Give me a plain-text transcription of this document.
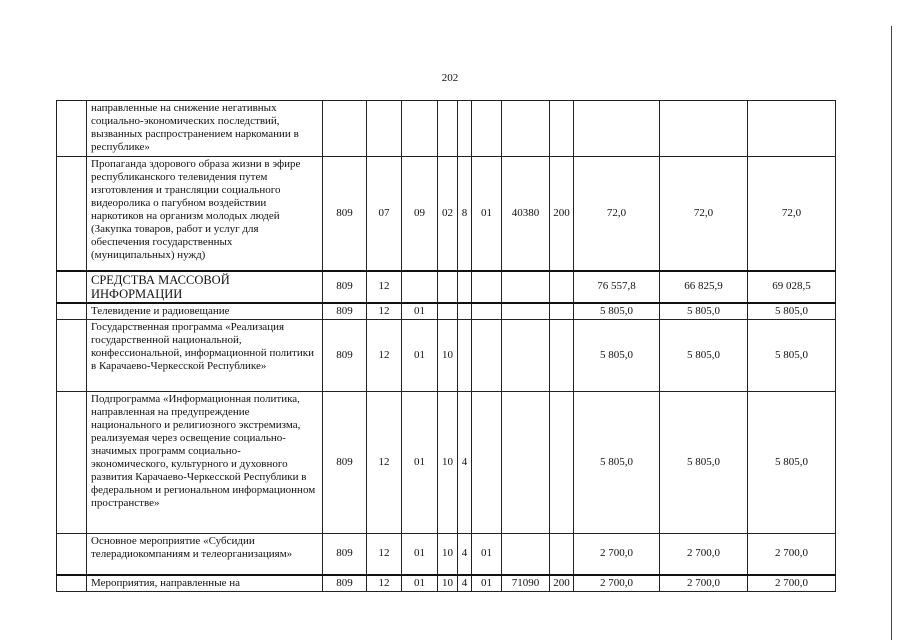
202
	направленные на снижение негативных социально-экономических последствий, вызванных распространением наркомании в республике»											
	Пропаганда здорового образа жизни в эфире республиканского телевидения путем изготовления и трансляции социального видеоролика о пагубном воздействии наркотиков на организм молодых людей (Закупка товаров, работ и услуг для обеспечения государственных (муниципальных) нужд)	809	07	09	02	8	01	40380	200	72,0	72,0	72,0
	СРЕДСТВА МАССОВОЙ ИНФОРМАЦИИ	809	12							76 557,8	66 825,9	69 028,5
	Телевидение и радиовещание	809	12	01						5 805,0	5 805,0	5 805,0
	Государственная программа «Реализация государственной национальной, конфессиональной, информационной политики в Карачаево-Черкесской Республике»	809	12	01	10					5 805,0	5 805,0	5 805,0
	Подпрограмма «Информационная политика, направленная на предупреждение национального и религиозного экстремизма, реализуемая через освещение социально-значимых программ социально-экономического, культурного и духовного развития Карачаево-Черкесской Республики в федеральном и региональном информационном пространстве»	809	12	01	10	4				5 805,0	5 805,0	5 805,0
	Основное мероприятие «Субсидии телерадиокомпаниям и телеорганизациям»	809	12	01	10	4	01			2 700,0	2 700,0	2 700,0
	Мероприятия, направленные на	809	12	01	10	4	01	71090	200	2 700,0	2 700,0	2 700,0
